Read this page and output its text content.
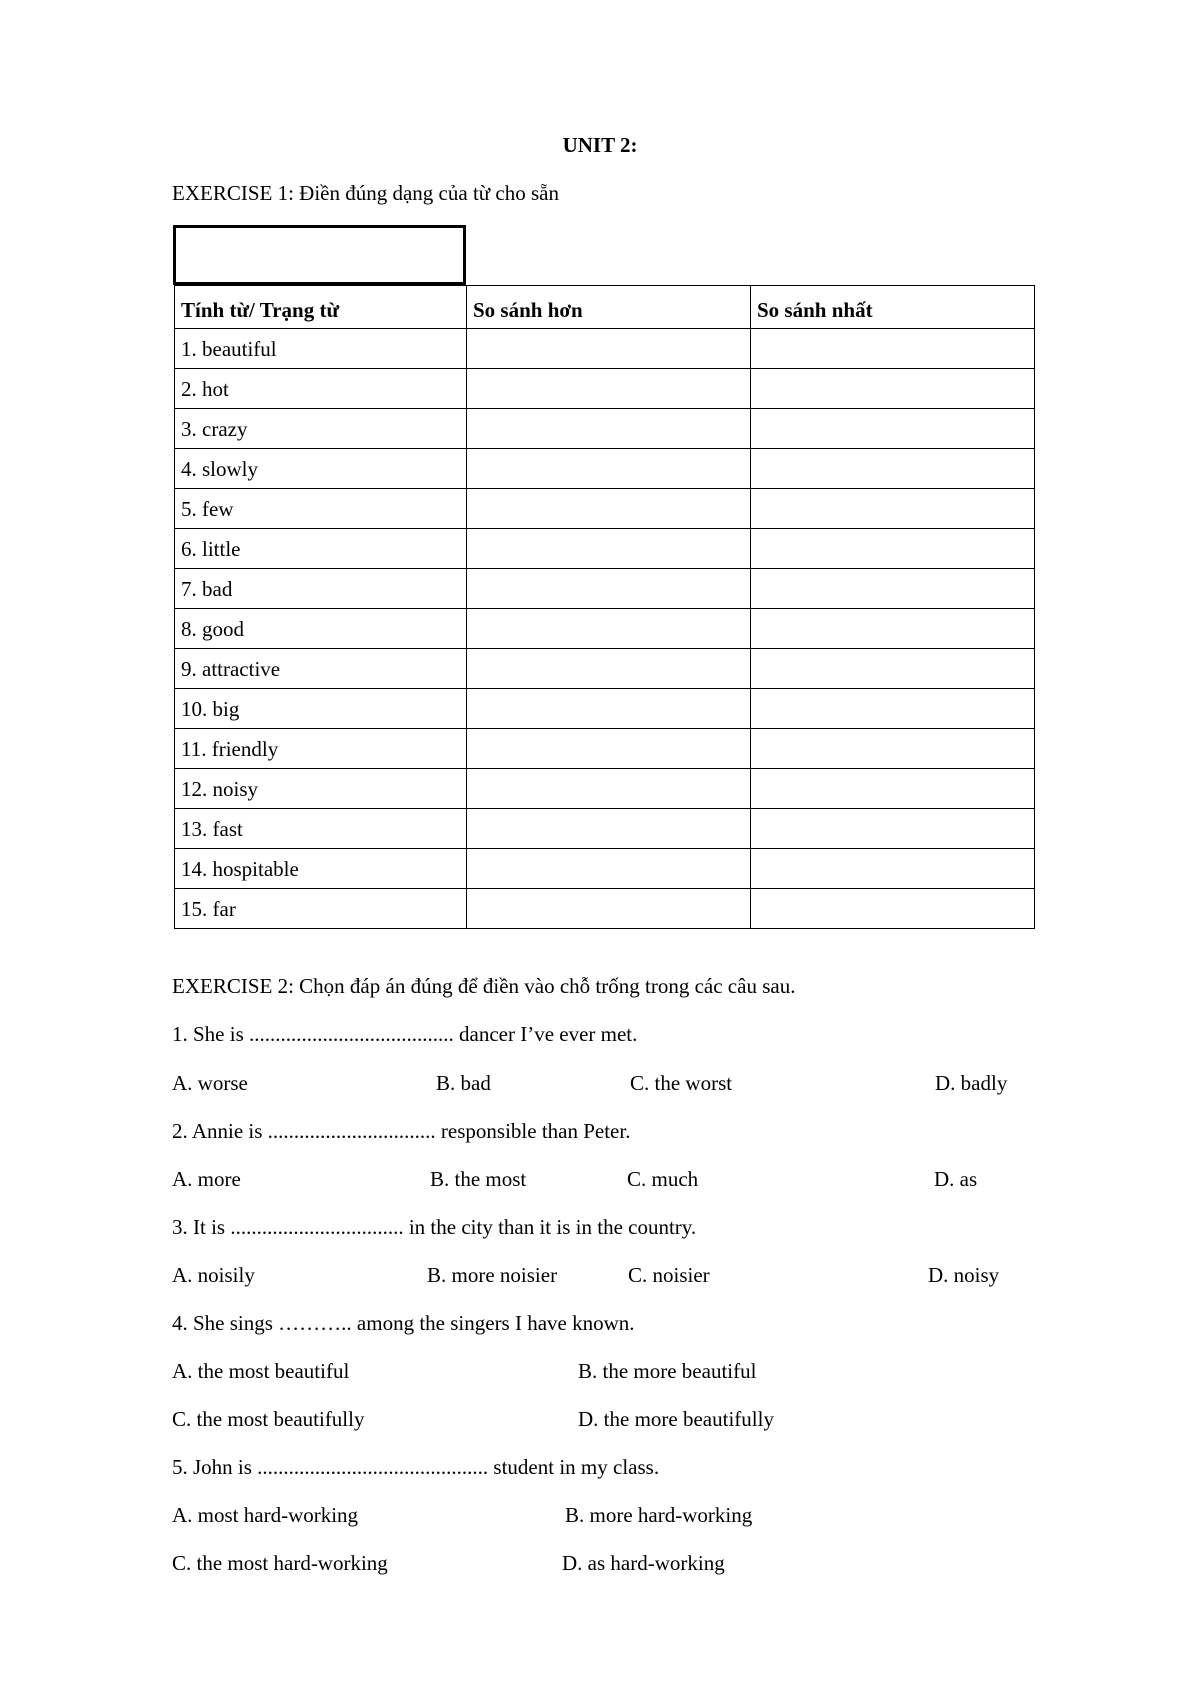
UNIT 2:
EXERCISE 1: Điền đúng dạng của từ cho sẵn
Tính từ/ Trạng từ	So sánh hơn	So sánh nhất
1. beautiful		
2. hot		
3. crazy		
4. slowly		
5. few		
6. little		
7. bad		
8. good		
9. attractive		
10. big		
11. friendly		
12. noisy		
13. fast		
14. hospitable		
15. far		
EXERCISE 2: Chọn đáp án đúng để điền vào chỗ trống trong các câu sau.
1. She is ....................................... dancer I’ve ever met.
A. worse	B. bad	C. the worst	D. badly
2. Annie is ................................ responsible than Peter.
A. more	B. the most	C. much	D. as
3. It is ................................. in the city than it is in the country.
A. noisily	B. more noisier	C. noisier	D. noisy
4. She sings ……….. among the singers I have known.
A. the most beautiful	B. the more beautiful
C. the most beautifully	D. the more beautifully
5. John is ............................................ student in my class.
A. most hard-working	B. more hard-working
C. the most hard-working	D. as hard-working
